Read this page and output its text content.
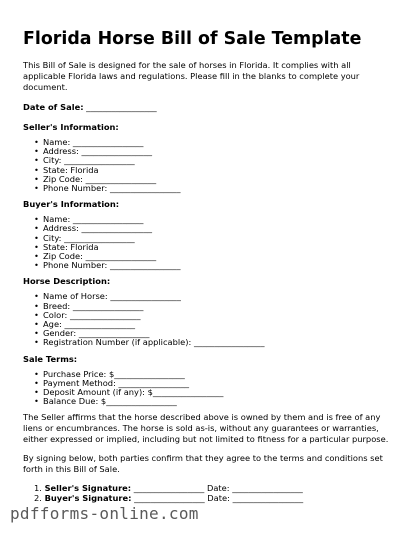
Florida Horse Bill of Sale Template

This Bill of Sale is designed for the sale of horses in Florida. It complies with all applicable Florida laws and regulations. Please fill in the blanks to complete your document.

Date of Sale: _________________
Seller's Information:
• Name: _________________
• Address: _________________
• City: _________________
• State: Florida
• Zip Code: _________________
• Phone Number: _________________
Buyer's Information:
• Name: _________________
• Address: _________________
• City: _________________
• State: Florida
• Zip Code: _________________
• Phone Number: _________________
Horse Description:
• Name of Horse: _________________
• Breed: _________________
• Color: _________________
• Age: _________________
• Gender: _________________
• Registration Number (if applicable): _________________
Sale Terms:
• Purchase Price: $_________________
• Payment Method: _________________
• Deposit Amount (if any): $_________________
• Balance Due: $_________________

The Seller affirms that the horse described above is owned by them and is free of any liens or encumbrances. The horse is sold as-is, without any guarantees or warranties, either expressed or implied, including but not limited to fitness for a particular purpose.

By signing below, both parties confirm that they agree to the terms and conditions set forth in this Bill of Sale.

1. Seller's Signature: _________________ Date: _________________
2. Buyer's Signature: _________________ Date: _________________
pdfforms-online.com
